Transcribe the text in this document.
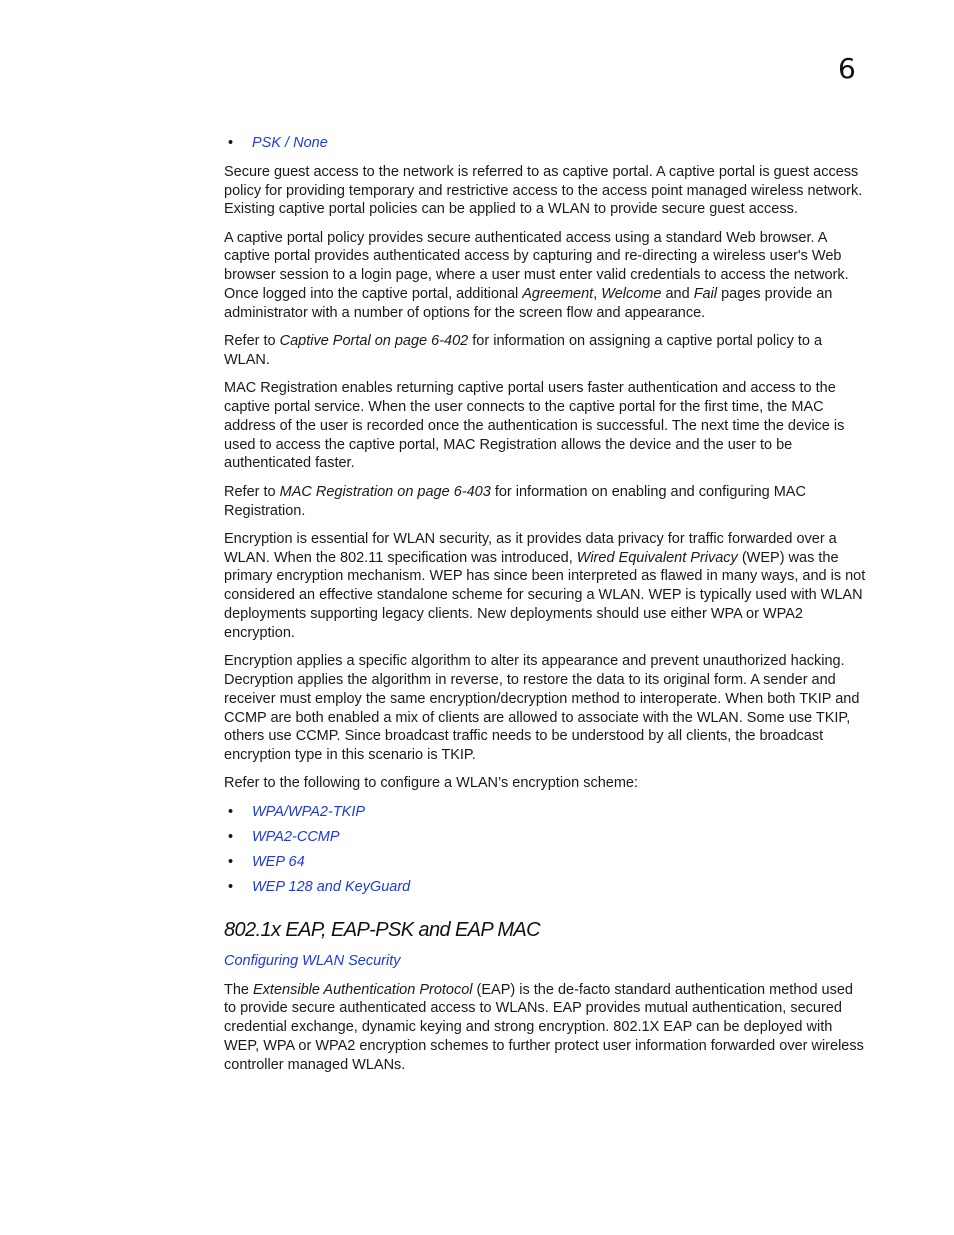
6
• PSK / None

Secure guest access to the network is referred to as captive portal. A captive portal is guest access policy for providing temporary and restrictive access to the access point managed wireless network. Existing captive portal policies can be applied to a WLAN to provide secure guest access.

A captive portal policy provides secure authenticated access using a standard Web browser. A captive portal provides authenticated access by capturing and re-directing a wireless user's Web browser session to a login page, where a user must enter valid credentials to access the network. Once logged into the captive portal, additional Agreement, Welcome and Fail pages provide an administrator with a number of options for the screen flow and appearance.

Refer to Captive Portal on page 6-402 for information on assigning a captive portal policy to a WLAN.

MAC Registration enables returning captive portal users faster authentication and access to the captive portal service. When the user connects to the captive portal for the first time, the MAC address of the user is recorded once the authentication is successful. The next time the device is used to access the captive portal, MAC Registration allows the device and the user to be authenticated faster.

Refer to MAC Registration on page 6-403 for information on enabling and configuring MAC Registration.

Encryption is essential for WLAN security, as it provides data privacy for traffic forwarded over a WLAN. When the 802.11 specification was introduced, Wired Equivalent Privacy (WEP) was the primary encryption mechanism. WEP has since been interpreted as flawed in many ways, and is not considered an effective standalone scheme for securing a WLAN. WEP is typically used with WLAN deployments supporting legacy clients. New deployments should use either WPA or WPA2 encryption.

Encryption applies a specific algorithm to alter its appearance and prevent unauthorized hacking. Decryption applies the algorithm in reverse, to restore the data to its original form. A sender and receiver must employ the same encryption/decryption method to interoperate. When both TKIP and CCMP are both enabled a mix of clients are allowed to associate with the WLAN. Some use TKIP, others use CCMP. Since broadcast traffic needs to be understood by all clients, the broadcast encryption type in this scenario is TKIP.

Refer to the following to configure a WLAN’s encryption scheme:

• WPA/WPA2-TKIP
• WPA2-CCMP
• WEP 64
• WEP 128 and KeyGuard
802.1x EAP, EAP-PSK and EAP MAC
Configuring WLAN Security

The Extensible Authentication Protocol (EAP) is the de-facto standard authentication method used to provide secure authenticated access to WLANs. EAP provides mutual authentication, secured credential exchange, dynamic keying and strong encryption. 802.1X EAP can be deployed with WEP, WPA or WPA2 encryption schemes to further protect user information forwarded over wireless controller managed WLANs.
